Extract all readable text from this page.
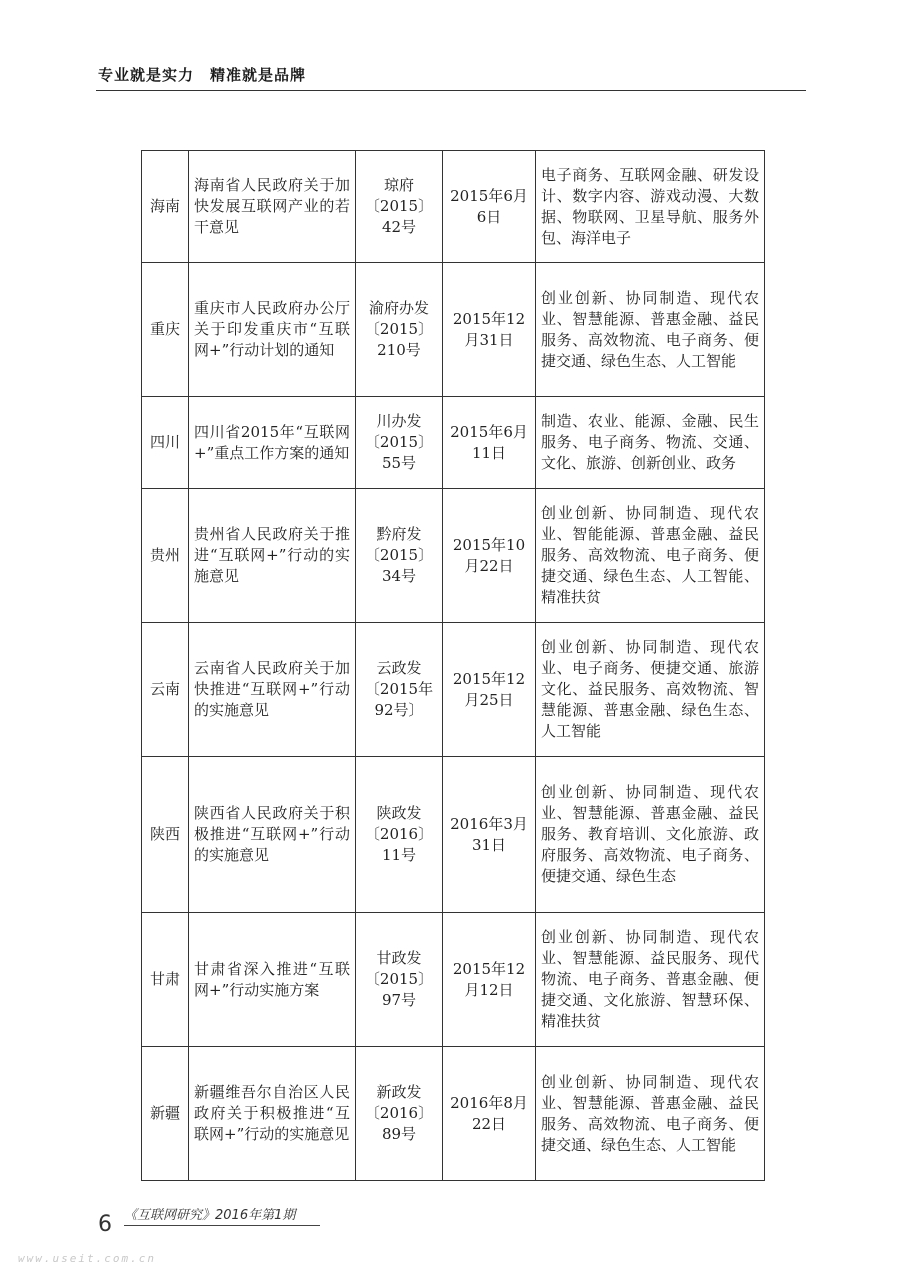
专业就是实力　精准就是品牌
海南	海南省人民政府关于加快发展互联网产业的若干意见	琼府〔2015〕42号	2015年6月6日	电子商务、互联网金融、研发设计、数字内容、游戏动漫、大数据、物联网、卫星导航、服务外包、海洋电子
重庆	重庆市人民政府办公厅关于印发重庆市“互联网+”行动计划的通知	渝府办发〔2015〕210号	2015年12月31日	创业创新、协同制造、现代农业、智慧能源、普惠金融、益民服务、高效物流、电子商务、便捷交通、绿色生态、人工智能
四川	四川省2015年“互联网+”重点工作方案的通知	川办发〔2015〕55号	2015年6月11日	制造、农业、能源、金融、民生服务、电子商务、物流、交通、文化、旅游、创新创业、政务
贵州	贵州省人民政府关于推进“互联网+”行动的实施意见	黔府发〔2015〕34号	2015年10月22日	创业创新、协同制造、现代农业、智能能源、普惠金融、益民服务、高效物流、电子商务、便捷交通、绿色生态、人工智能、精准扶贫
云南	云南省人民政府关于加快推进“互联网+”行动的实施意见	云政发〔2015年92号〕	2015年12月25日	创业创新、协同制造、现代农业、电子商务、便捷交通、旅游文化、益民服务、高效物流、智慧能源、普惠金融、绿色生态、人工智能
陕西	陕西省人民政府关于积极推进“互联网+”行动的实施意见	陕政发〔2016〕11号	2016年3月31日	创业创新、协同制造、现代农业、智慧能源、普惠金融、益民服务、教育培训、文化旅游、政府服务、高效物流、电子商务、便捷交通、绿色生态
甘肃	甘肃省深入推进“互联网+”行动实施方案	甘政发〔2015〕97号	2015年12月12日	创业创新、协同制造、现代农业、智慧能源、益民服务、现代物流、电子商务、普惠金融、便捷交通、文化旅游、智慧环保、精准扶贫
新疆	新疆维吾尔自治区人民政府关于积极推进“互联网+”行动的实施意见	新政发〔2016〕89号	2016年8月22日	创业创新、协同制造、现代农业、智慧能源、普惠金融、益民服务、高效物流、电子商务、便捷交通、绿色生态、人工智能
6 《互联网研究》2016年第1期
www.useit.com.cn
